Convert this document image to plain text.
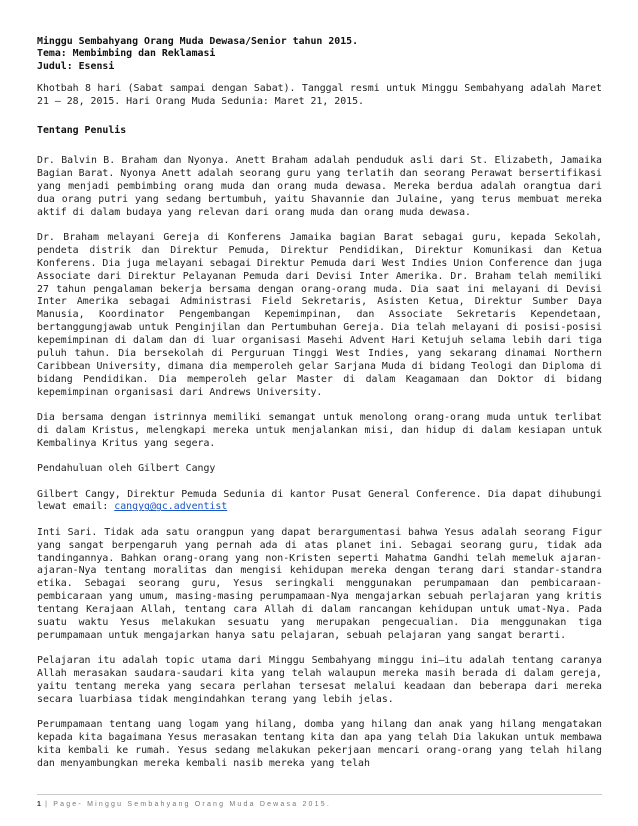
Minggu Sembahyang Orang Muda Dewasa/Senior tahun 2015.
Tema: Membimbing dan Reklamasi
Judul: Esensi

Khotbah 8 hari (Sabat sampai dengan Sabat). Tanggal resmi untuk Minggu Sembahyang adalah Maret 21 – 28, 2015. Hari Orang Muda Sedunia: Maret 21, 2015.

Tentang Penulis

Dr. Balvin B. Braham dan Nyonya. Anett Braham adalah penduduk asli dari St. Elizabeth, Jamaika Bagian Barat. Nyonya Anett adalah seorang guru yang terlatih dan seorang Perawat bersertifikasi yang menjadi pembimbing orang muda dan orang muda dewasa. Mereka berdua adalah orangtua dari dua orang putri yang sedang bertumbuh, yaitu Shavannie dan Julaine, yang terus membuat mereka aktif di dalam budaya yang relevan dari orang muda dan orang muda dewasa.

Dr. Braham melayani Gereja di Konferens Jamaika bagian Barat sebagai guru, kepada Sekolah, pendeta distrik dan Direktur Pemuda, Direktur Pendidikan, Direktur Komunikasi dan Ketua Konferens. Dia juga melayani sebagai Direktur Pemuda dari West Indies Union Conference dan juga Associate dari Direktur Pelayanan Pemuda dari Devisi Inter Amerika. Dr. Braham telah memiliki 27 tahun pengalaman bekerja bersama dengan orang-orang muda. Dia saat ini melayani di Devisi Inter Amerika sebagai Administrasi Field Sekretaris, Asisten Ketua, Direktur Sumber Daya Manusia, Koordinator Pengembangan Kepemimpinan, dan Associate Sekretaris Kependetaan, bertanggungjawab untuk Penginjilan dan Pertumbuhan Gereja. Dia telah melayani di posisi-posisi kepemimpinan di dalam dan di luar organisasi Masehi Advent Hari Ketujuh selama lebih dari tiga puluh tahun. Dia bersekolah di Perguruan Tinggi West Indies, yang sekarang dinamai Northern Caribbean University, dimana dia memperoleh gelar Sarjana Muda di bidang Teologi dan Diploma di bidang Pendidikan. Dia memperoleh gelar Master di dalam Keagamaan dan Doktor di bidang kepemimpinan organisasi dari Andrews University.

Dia bersama dengan istrinnya memiliki semangat untuk menolong orang-orang muda untuk terlibat di dalam Kristus, melengkapi mereka untuk menjalankan misi, dan hidup di dalam kesiapan untuk Kembalinya Kritus yang segera.

Pendahuluan oleh Gilbert Cangy

Gilbert Cangy, Direktur Pemuda Sedunia di kantor Pusat General Conference. Dia dapat dihubungi lewat email: cangyg@gc.adventist

Inti Sari. Tidak ada satu orangpun yang dapat berargumentasi bahwa Yesus adalah seorang Figur yang sangat berpengaruh yang pernah ada di atas planet ini. Sebagai seorang guru, tidak ada tandingannya. Bahkan orang-orang yang non-Kristen seperti Mahatma Gandhi telah memeluk ajaran-ajaran-Nya tentang moralitas dan mengisi kehidupan mereka dengan terang dari standar-standra etika. Sebagai seorang guru, Yesus seringkali menggunakan perumpamaan dan pembicaraan-pembicaraan yang umum, masing-masing perumpamaan-Nya mengajarkan sebuah perlajaran yang kritis tentang Kerajaan Allah, tentang cara Allah di dalam rancangan kehidupan untuk umat-Nya. Pada suatu waktu Yesus melakukan sesuatu yang merupakan pengecualian. Dia menggunakan tiga perumpamaan untuk mengajarkan hanya satu pelajaran, sebuah pelajaran yang sangat berarti.

Pelajaran itu adalah topic utama dari Minggu Sembahyang minggu ini—itu adalah tentang caranya Allah merasakan saudara-saudari kita yang telah walaupun mereka masih berada di dalam gereja, yaitu tentang mereka yang secara perlahan tersesat melalui keadaan dan beberapa dari mereka secara luarbiasa tidak mengindahkan terang yang lebih jelas.

Perumpamaan tentang uang logam yang hilang, domba yang hilang dan anak yang hilang mengatakan kepada kita bagaimana Yesus merasakan tentang kita dan apa yang telah Dia lakukan untuk membawa kita kembali ke rumah. Yesus sedang melakukan pekerjaan mencari orang-orang yang telah hilang dan menyambungkan mereka kembali nasib mereka yang telah

1 | Page- Minggu Sembahyang Orang Muda Dewasa 2015.
